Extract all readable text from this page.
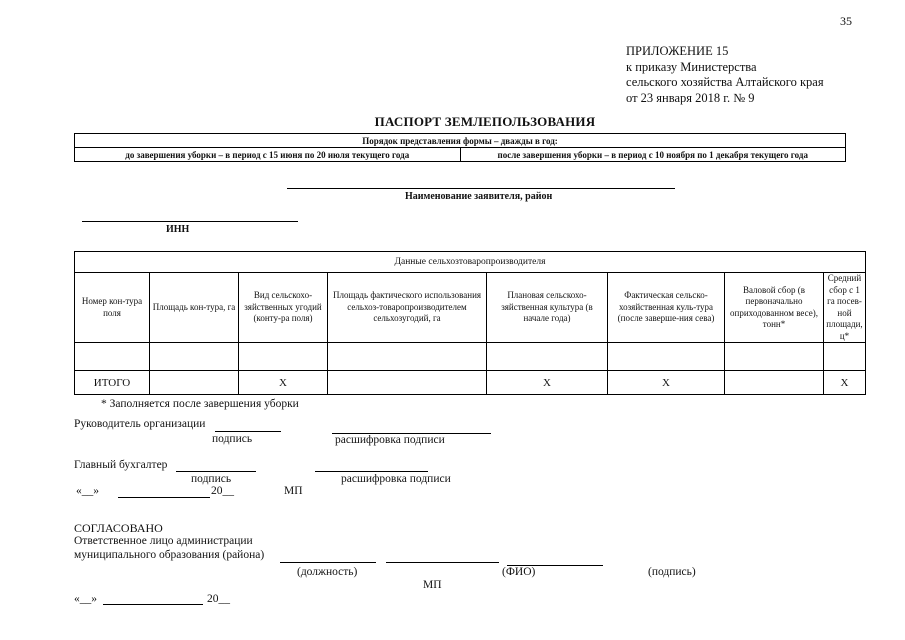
35
ПРИЛОЖЕНИЕ 15
к приказу Министерства
сельского хозяйства Алтайского края
от 23 января 2018 г. № 9
ПАСПОРТ ЗЕМЛЕПОЛЬЗОВАНИЯ
Порядок представления формы – дважды в год:
до завершения уборки – в период с 15 июня по 20 июля текущего года	после завершения уборки – в период с 10 ноября по 1 декабря текущего года
Наименование заявителя, район
ИНН
Данные сельхозтоваропроизводителя							
Номер кон-тура поля	Площадь кон-тура, га	Вид сельскохо-зяйственных угодий (конту-ра поля)	Площадь фактического использования сельхоз-товаропроизводителем сельхозугодий, га	Плановая сельскохо-зяйственная культура (в начале года)	Фактическая сельско-хозяйственная куль-тура (после заверше-ния сева)	Валовой сбор (в первоначально оприходованном весе), тонн*	Средний сбор с 1 га посев-ной площади, ц*

ИТОГО		Х		Х	Х		Х
* Заполняется после завершения уборки
Руководитель организации
подпись	расшифровка подписи
Главный бухгалтер
подпись	расшифровка подписи
«__»	20__	МП
СОГЛАСОВАНО
Ответственное лицо администрации
муниципального образования (района)
(должность)	(ФИО)	(подпись)
МП
«__»	20__
